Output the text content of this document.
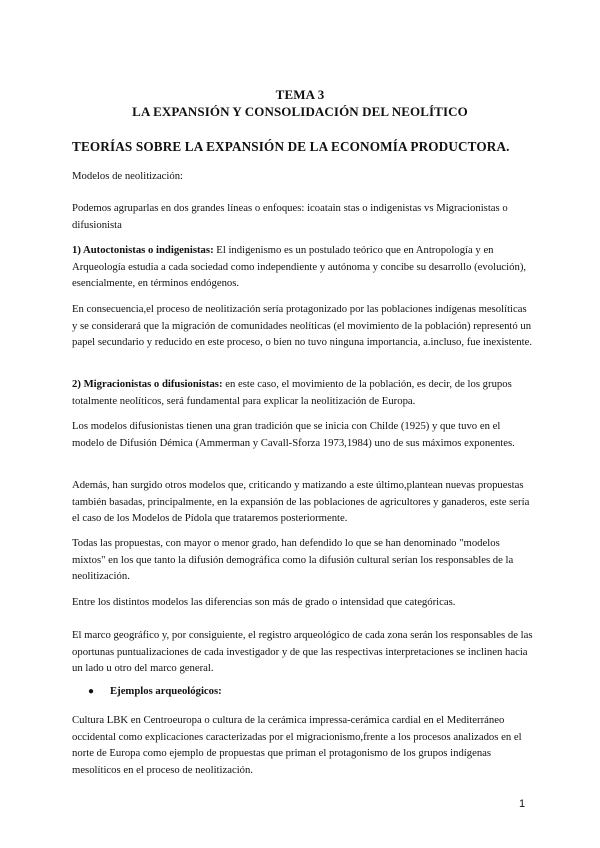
TEMA 3
LA EXPANSIÓN Y CONSOLIDACIÓN DEL NEOLÍTICO
TEORÍAS SOBRE LA EXPANSIÓN DE LA ECONOMÍA PRODUCTORA.

Modelos de neolitización:

Podemos agruparlas en dos grandes líneas o enfoques: icoatain stas o indigenistas vs Migracionistas o difusionista

1) Autoctonistas o indigenistas: El indigenismo es un postulado teórico que en Antropología y en Arqueología estudia a cada sociedad como independiente y autónoma y concibe su desarrollo (evolución), esencialmente, en términos endógenos.

En consecuencia,el proceso de neolitización sería protagonizado por las poblaciones indígenas mesolíticas y se considerará que la migración de comunidades neolíticas (el movimiento de la población) representó un papel secundario y reducido en este proceso, o bien no tuvo ninguna importancia, a.incluso, fue inexistente.

2) Migracionistas o difusionistas: en este caso, el movimiento de la población, es decir, de los grupos totalmente neolíticos, será fundamental para explicar la neolitización de Europa.

Los modelos difusionistas tienen una gran tradición que se inicia con Childe (1925) y que tuvo en el modelo de Difusión Démica (Ammerman y Cavall-Sforza 1973,1984) uno de sus máximos exponentes.

Además, han surgido otros modelos que, criticando y matizando a este último,plantean nuevas propuestas también basadas, principalmente, en la expansión de las poblaciones de agricultores y ganaderos, este sería el caso de los Modelos de Pídola que trataremos posteriormente.

Todas las propuestas, con mayor o menor grado, han defendido lo que se han denominado "modelos mixtos" en los que tanto la difusión demográfica como la difusión cultural serían los responsables de la neolitización.

Entre los distintos modelos las diferencias son más de grado o intensidad que categóricas.

El marco geográfico y, por consiguiente, el registro arqueológico de cada zona serán los responsables de las oportunas puntualizaciones de cada investigador y de que las respectivas interpretaciones se inclinen hacia un lado u otro del marco general.

● Ejemplos arqueológicos:

Cultura LBK en Centroeuropa o cultura de la cerámica impressa-cerámica cardial en el Mediterráneo occidental como explicaciones caracterizadas por el migracionismo,frente a los procesos analizados en el norte de Europa como ejemplo de propuestas que priman el protagonismo de los grupos indígenas mesolíticos en el proceso de neolitización.

1
